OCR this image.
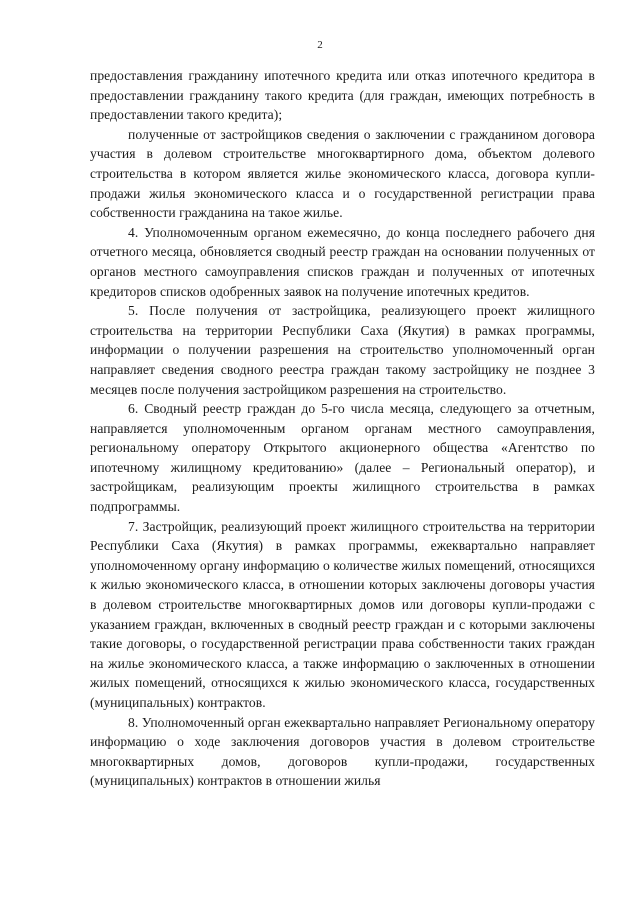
2

предоставления гражданину ипотечного кредита или отказ ипотечного кредитора в предоставлении гражданину такого кредита (для граждан, имеющих потребность в предоставлении такого кредита);

полученные от застройщиков сведения о заключении с гражданином договора участия в долевом строительстве многоквартирного дома, объектом долевого строительства в котором является жилье экономического класса, договора купли-продажи жилья экономического класса и о государственной регистрации права собственности гражданина на такое жилье.

4. Уполномоченным органом ежемесячно, до конца последнего рабочего дня отчетного месяца, обновляется сводный реестр граждан на основании полученных от органов местного самоуправления списков граждан и полученных от ипотечных кредиторов списков одобренных заявок на получение ипотечных кредитов.

5. После получения от застройщика, реализующего проект жилищного строительства на территории Республики Саха (Якутия) в рамках программы, информации о получении разрешения на строительство уполномоченный орган направляет сведения сводного реестра граждан такому застройщику не позднее 3 месяцев после получения застройщиком разрешения на строительство.

6. Сводный реестр граждан до 5-го числа месяца, следующего за отчетным, направляется уполномоченным органом органам местного самоуправления, региональному оператору Открытого акционерного общества «Агентство по ипотечному жилищному кредитованию» (далее – Региональный оператор), и застройщикам, реализующим проекты жилищного строительства в рамках подпрограммы.

7. Застройщик, реализующий проект жилищного строительства на территории Республики Саха (Якутия) в рамках программы, ежеквартально направляет уполномоченному органу информацию о количестве жилых помещений, относящихся к жилью экономического класса, в отношении которых заключены договоры участия в долевом строительстве многоквартирных домов или договоры купли-продажи с указанием граждан, включенных в сводный реестр граждан и с которыми заключены такие договоры, о государственной регистрации права собственности таких граждан на жилье экономического класса, а также информацию о заключенных в отношении жилых помещений, относящихся к жилью экономического класса, государственных (муниципальных) контрактов.

8. Уполномоченный орган ежеквартально направляет Региональному оператору информацию о ходе заключения договоров участия в долевом строительстве многоквартирных домов, договоров купли-продажи, государственных (муниципальных) контрактов в отношении жилья
